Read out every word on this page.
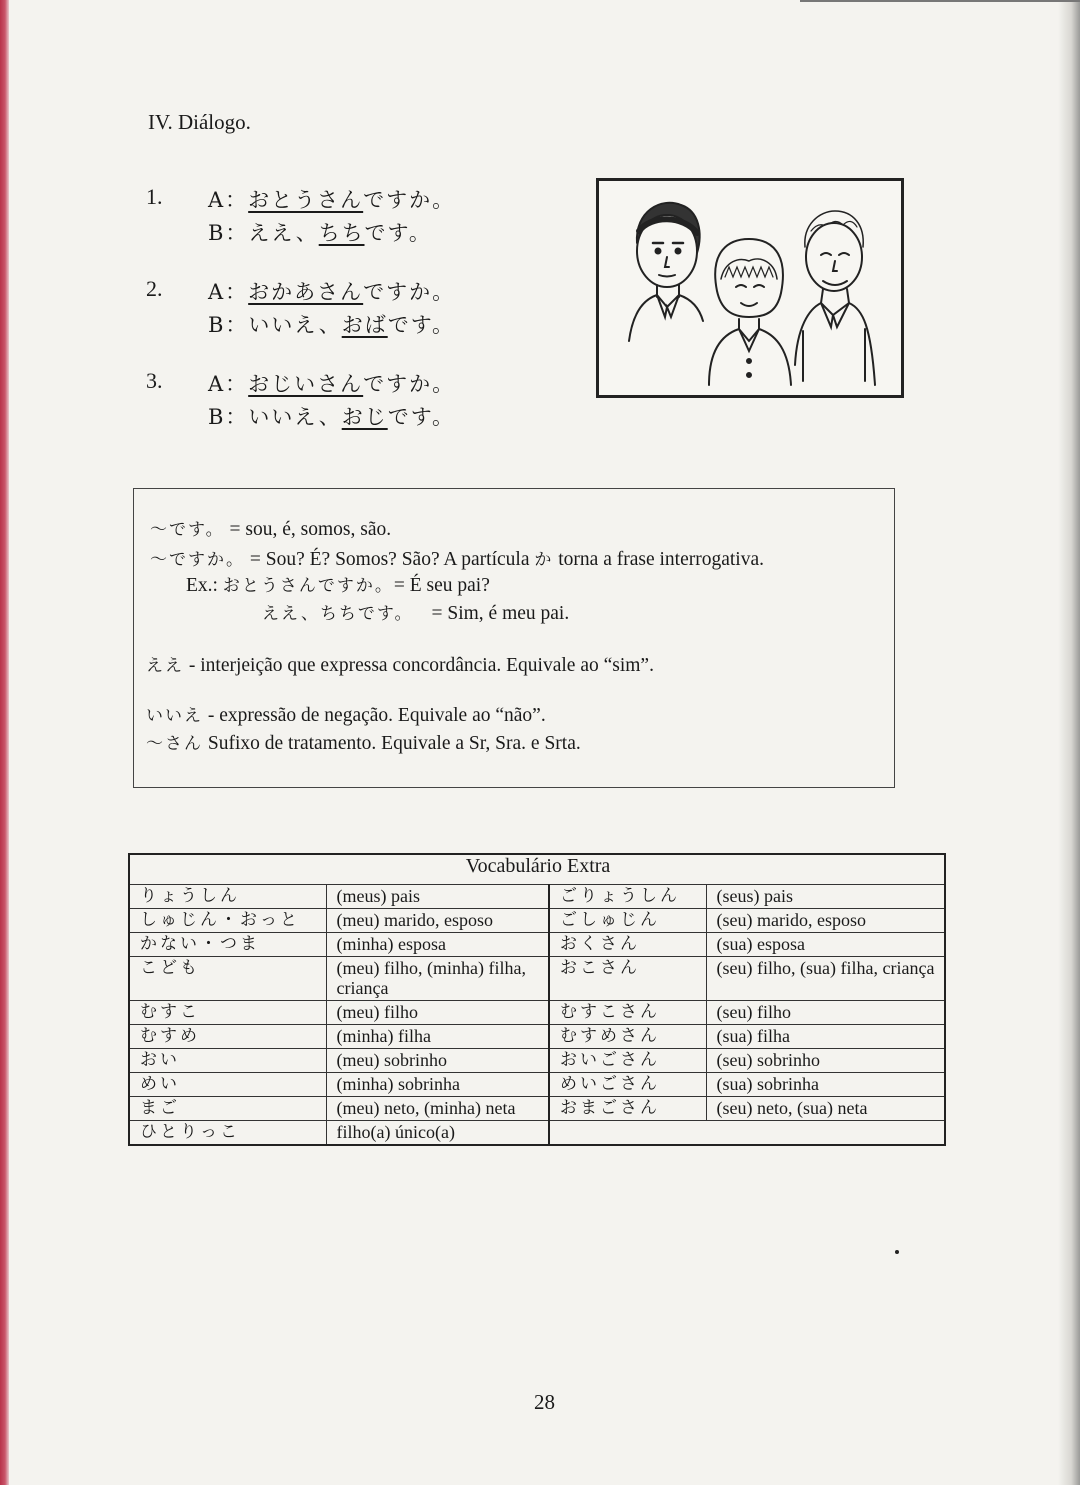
IV. Diálogo.
1. A：おとうさんですか。
B：ええ、ちちです。
2. A：おかあさんですか。
B：いいえ、おばです。
3. A：おじいさんですか。
B：いいえ、おじです。
～です。 = sou, é, somos, são.
～ですか。 = Sou? É? Somos? São? A partícula か torna a frase interrogativa.
Ex.: おとうさんですか。= É seu pai?
ええ、ちちです。 = Sim, é meu pai.
ええ - interjeição que expressa concordância. Equivale ao “sim”.
いいえ - expressão de negação. Equivale ao “não”.
～さん Sufixo de tratamento. Equivale a Sr, Sra. e Srta.
Vocabulário Extra			
りょうしん	(meus) pais	ごりょうしん	(seus) pais
しゅじん・おっと	(meu) marido, esposo	ごしゅじん	(seu) marido, esposo
かない・つま	(minha) esposa	おくさん	(sua) esposa
こども	(meu) filho, (minha) filha, criança	おこさん	(seu) filho, (sua) filha, criança
むすこ	(meu) filho	むすこさん	(seu) filho
むすめ	(minha) filha	むすめさん	(sua) filha
おい	(meu) sobrinho	おいごさん	(seu) sobrinho
めい	(minha) sobrinha	めいごさん	(sua) sobrinha
まご	(meu) neto, (minha) neta	おまごさん	(seu) neto, (sua) neta
ひとりっこ	filho(a) único(a)		
28
